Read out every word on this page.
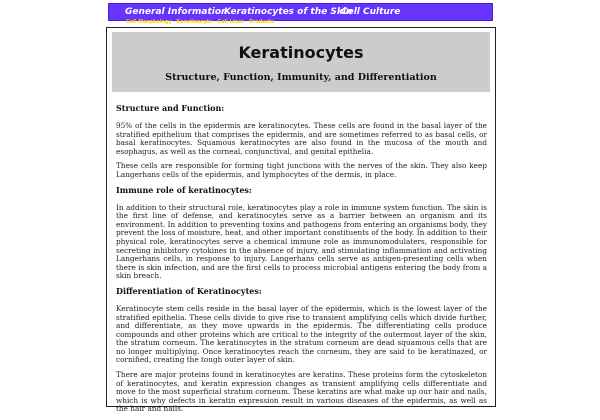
General Information
Keratinocytes of the Skin
Cell Culture
Cell Morphology Keratinocyte Cell Lines Products
Keratinocytes
Structure, Function, Immunity, and Differentiation
Structure and Function:

95% of the cells in the epidermis are keratinocytes. These cells are found in the basal layer of the stratified epithelium that comprises the epidermis, and are sometimes referred to as basal cells, or basal keratinocytes. Squamous keratinocytes are also found in the mucosa of the mouth and esophagus, as well as the corneal, conjunctival, and genital epithelia.

These cells are responsible for forming tight junctions with the nerves of the skin. They also keep Langerhans cells of the epidermis, and lymphocytes of the dermis, in place.

Immune role of keratinocytes:

In addition to their structural role, keratinocytes play a role in immune system function. The skin is the first line of defense, and keratinocytes serve as a barrier between an organism and its environment. In addition to preventing toxins and pathogens from entering an organisms body, they prevent the loss of moisture, heat, and other important constituents of the body. In addition to their physical role, keratinocytes serve a chemical immune role as immunomodulaters, responsible for secreting inhibitory cytokines in the absence of injury, and stimulating inflammation and activating Langerhans cells, in response to injury. Langerhans cells serve as antigen-presenting cells when there is skin infection, and are the first cells to process microbial antigens entering the body from a skin breach.

Differentiation of Keratinocytes:

Keratinocyte stem cells reside in the basal layer of the epidermis, which is the lowest layer of the stratified epithelia. These cells divide to give rise to transient amplifying cells which divide further, and differentiate, as they move upwards in the epidermis. The differentiating cells produce compounds and other proteins which are critical to the integrity of the outermost layer of the skin, the stratum corneum. The keratinocytes in the stratum corneum are dead squamous cells that are no longer multiplying. Once keratinocytes reach the corneum, they are said to be keratinazed, or cornified, creating the tough outer layer of skin.

There are major proteins found in keratinocytes are keratins. These proteins form the cytoskeleton of keratinocytes, and keratin expression changes as transient amplifying cells differentiate and move to the most superficial stratum corneum. These keratins are what make up our hair and nails, which is why defects in keratin expression result in various diseases of the epidermis, as well as the hair and nails.
